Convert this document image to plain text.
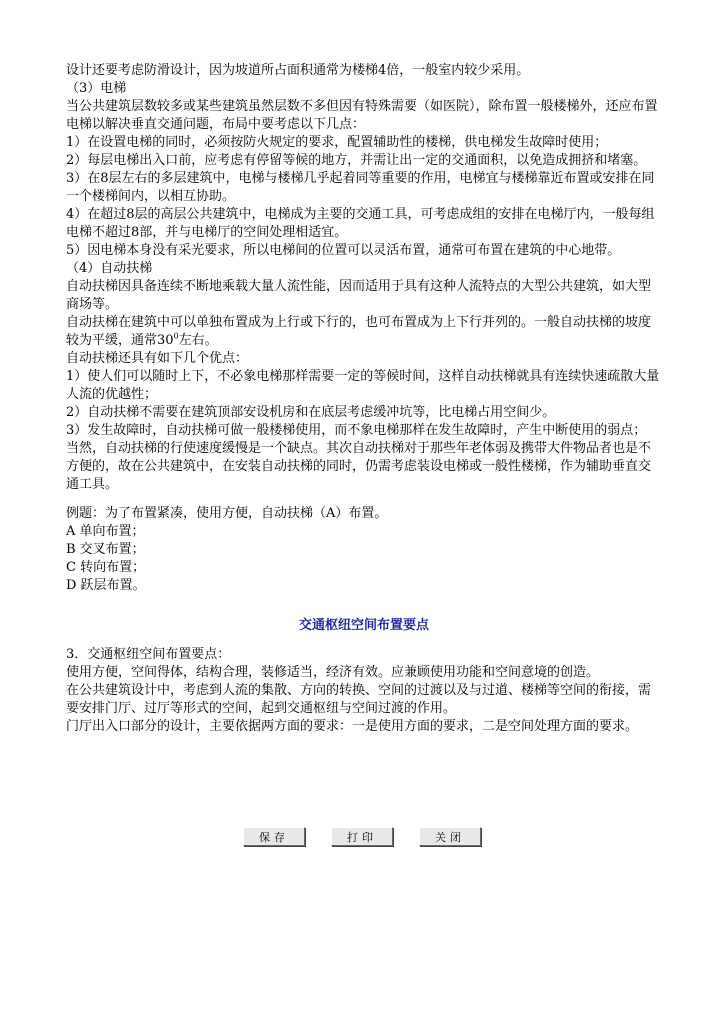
设计还要考虑防滑设计，因为坡道所占面积通常为楼梯4倍，一般室内较少采用。

（3）电梯

当公共建筑层数较多或某些建筑虽然层数不多但因有特殊需要（如医院），除布置一般楼梯外，还应布置电梯以解决垂直交通问题，布局中要考虑以下几点：

1）在设置电梯的同时，必须按防火规定的要求，配置辅助性的楼梯，供电梯发生故障时使用；

2）每层电梯出入口前，应考虑有停留等候的地方，并需让出一定的交通面积，以免造成拥挤和堵塞。

3）在8层左右的多层建筑中，电梯与楼梯几乎起着同等重要的作用，电梯宜与楼梯靠近布置或安排在同一个楼梯间内，以相互协助。

4）在超过8层的高层公共建筑中，电梯成为主要的交通工具，可考虑成组的安排在电梯厅内，一般每组电梯不超过8部，并与电梯厅的空间处理相适宜。

5）因电梯本身没有采光要求，所以电梯间的位置可以灵活布置，通常可布置在建筑的中心地带。

（4）自动扶梯

自动扶梯因具备连续不断地乘载大量人流性能，因而适用于具有这种人流特点的大型公共建筑，如大型商场等。

自动扶梯在建筑中可以单独布置成为上行或下行的，也可布置成为上下行并列的。一般自动扶梯的坡度较为平缓，通常$30^0$左右。

自动扶梯还具有如下几个优点：

1）使人们可以随时上下，不必象电梯那样需要一定的等候时间，这样自动扶梯就具有连续快速疏散大量人流的优越性；

2）自动扶梯不需要在建筑顶部安设机房和在底层考虑缓冲坑等，比电梯占用空间少。

3）发生故障时，自动扶梯可做一般楼梯使用，而不象电梯那样在发生故障时，产生中断使用的弱点；

当然，自动扶梯的行使速度缓慢是一个缺点。其次自动扶梯对于那些年老体弱及携带大件物品者也是不方便的，故在公共建筑中，在安装自动扶梯的同时，仍需考虑装设电梯或一般性楼梯，作为辅助垂直交通工具。

例题：为了布置紧凑，使用方便，自动扶梯（A）布置。

A 单向布置；

B 交叉布置；

C 转向布置；

D 跃层布置。

交通枢纽空间布置要点

3．交通枢纽空间布置要点：

使用方便，空间得体，结构合理，装修适当，经济有效。应兼顾使用功能和空间意境的创造。

在公共建筑设计中，考虑到人流的集散、方向的转换、空间的过渡以及与过道、楼梯等空间的衔接，需要安排门厅、过厅等形式的空间，起到交通枢纽与空间过渡的作用。

门厅出入口部分的设计，主要依据两方面的要求：一是使用方面的要求，二是空间处理方面的要求。

保存	打印	关闭
